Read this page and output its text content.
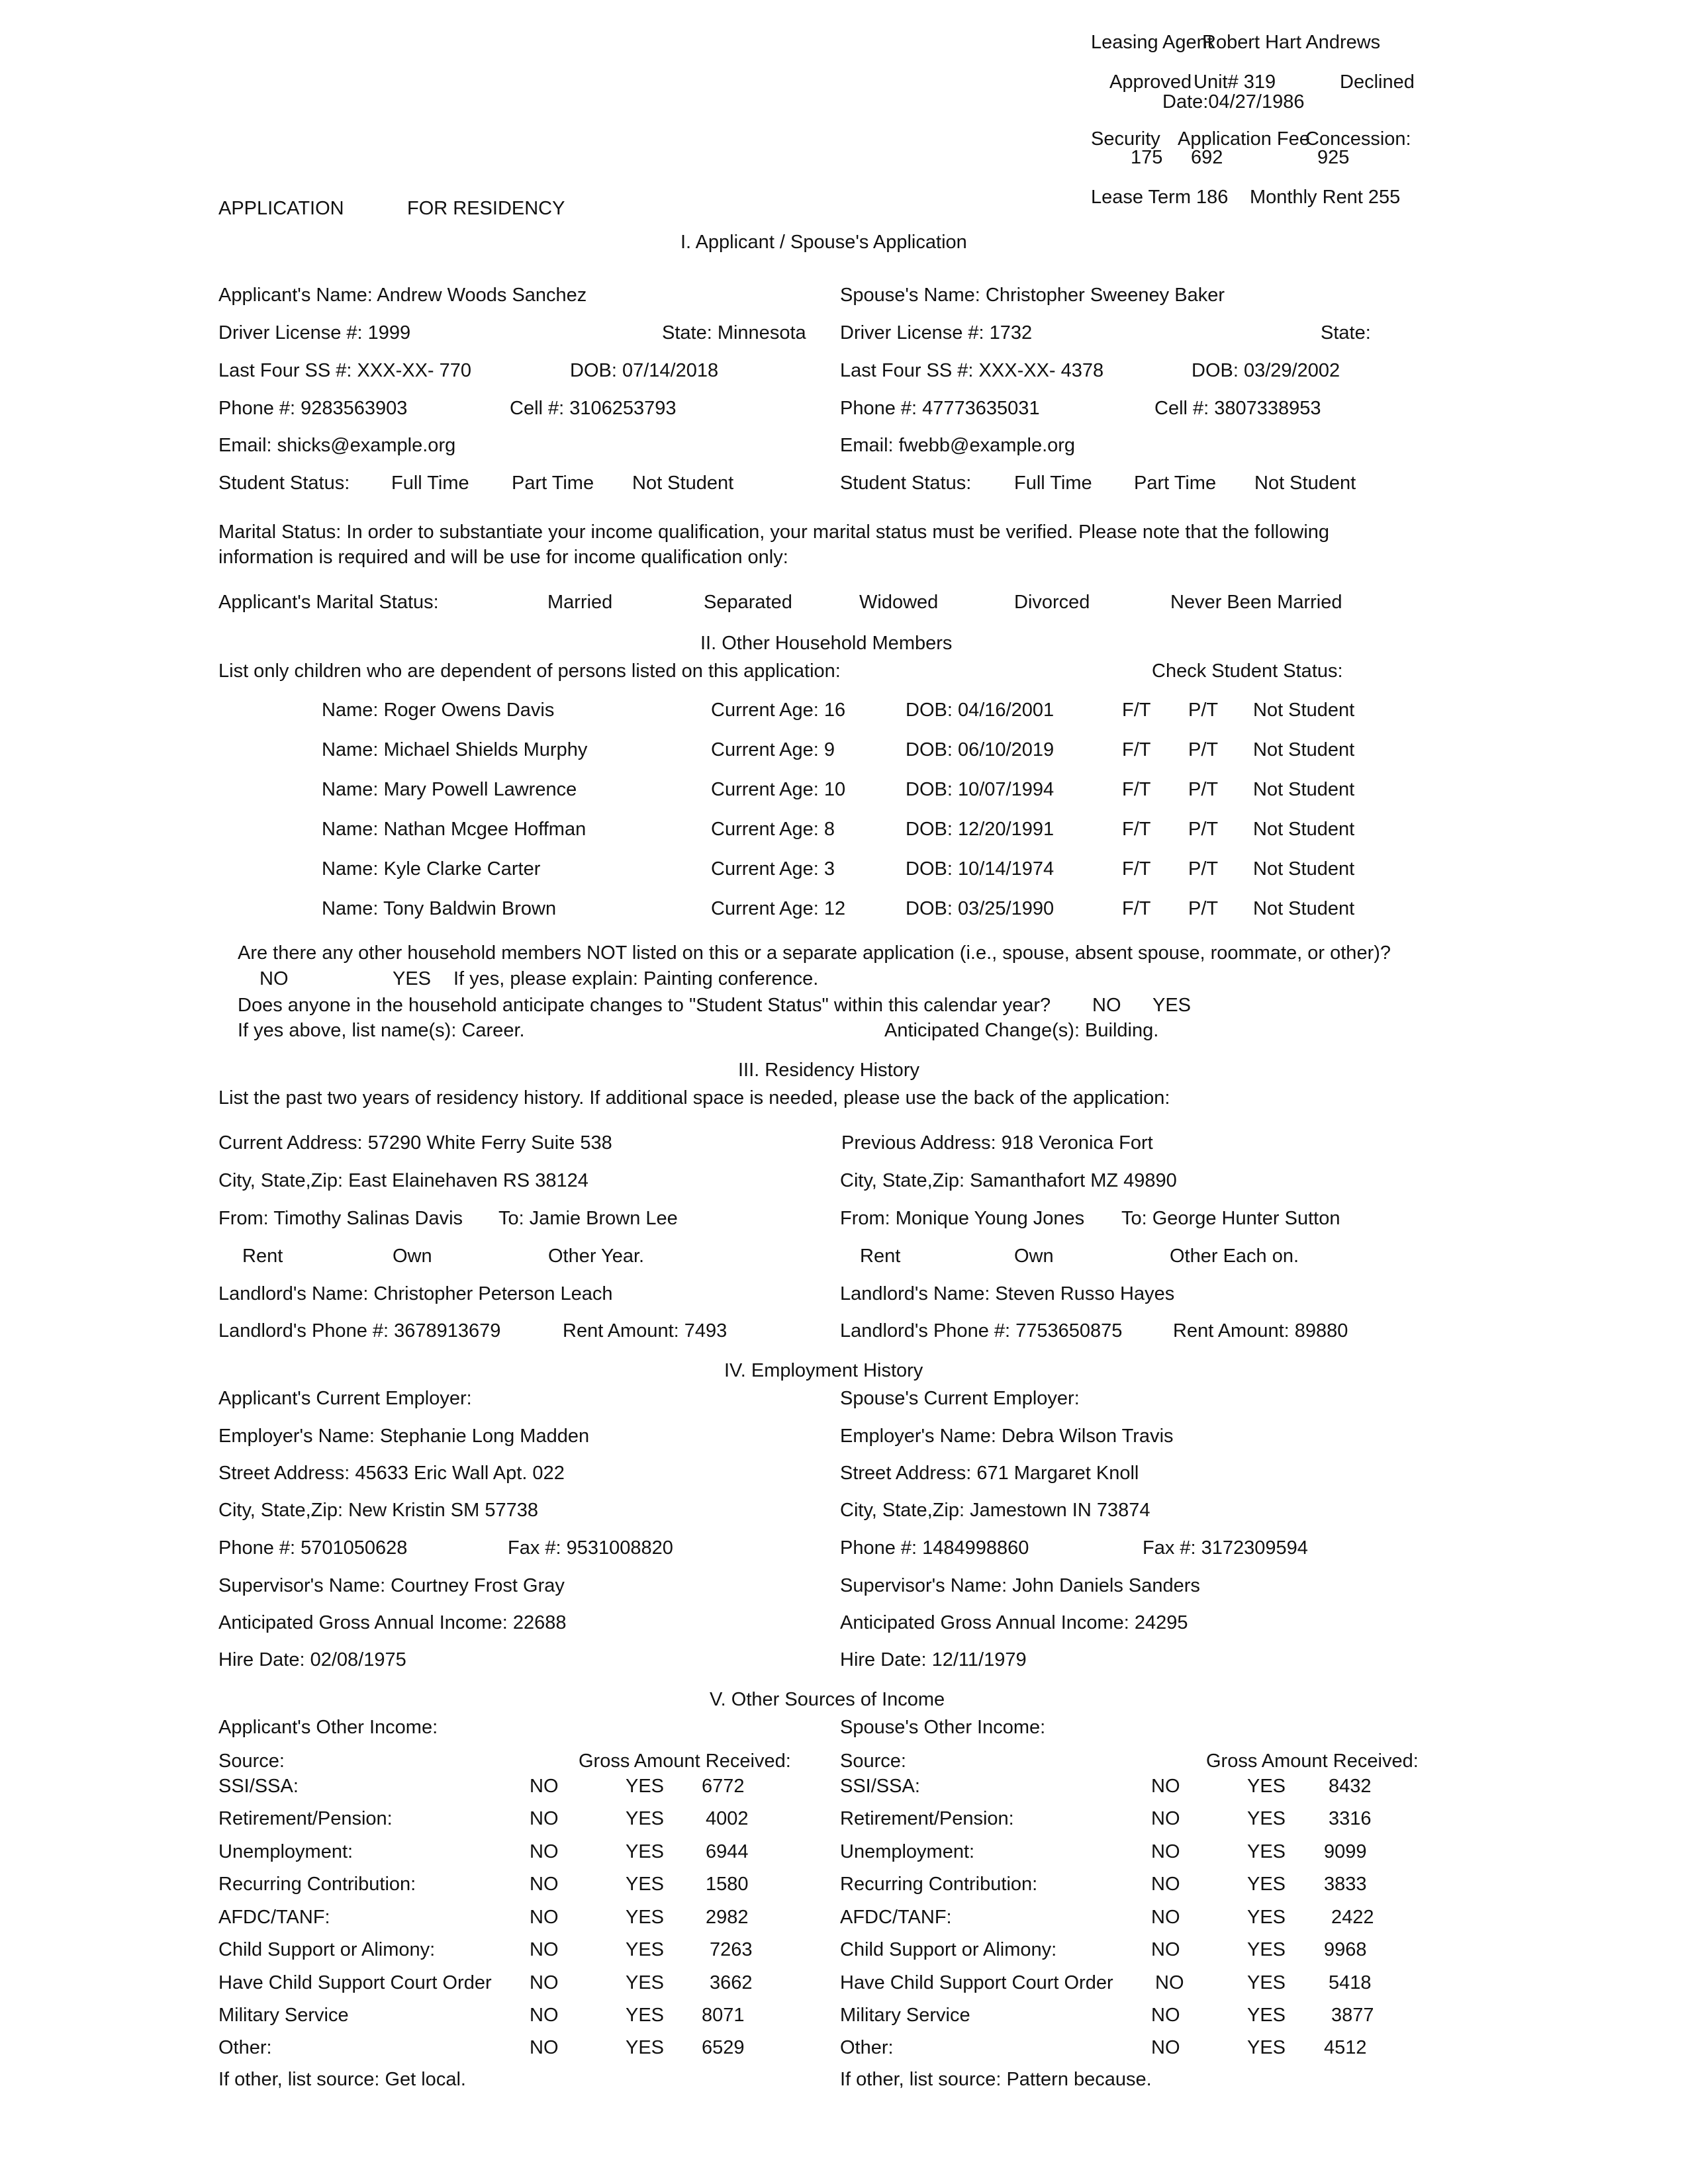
Leasing Agent
Robert Hart Andrews
Approved Unit# 319
Date:04/27/1986
Declined
Security
175
Application Fee
692
Concession:
925
Lease Term 186 Monthly Rent 255
APPLICATION	FOR RESIDENCY
I. Applicant / Spouse's Application
Applicant's Name: Andrew Woods Sanchez
Driver License #: 1999	State: Minnesota
Last Four SS #: XXX-XX- 770	DOB: 07/14/2018
Phone #: 9283563903	Cell #: 3106253793
Email: shicks@example.org
Student Status: Full Time Part Time Not Student
Spouse's Name: Christopher Sweeney Baker
Driver License #: 1732	State:
Last Four SS #: XXX-XX- 4378	DOB: 03/29/2002
Phone #: 47773635031	Cell #: 3807338953
Email: fwebb@example.org
Student Status: Full Time Part Time Not Student
Marital Status: In order to substantiate your income qualification, your marital status must be verified. Please note that the following
information is required and will be use for income qualification only:
Applicant's Marital Status:	Married	Separated	Widowed	Divorced	Never Been Married
II. Other Household Members
List only children who are dependent of persons listed on this application:	Check Student Status:
Name: Roger Owens Davis	Current Age: 16	DOB: 04/16/2001	F/T P/T Not Student
Name: Michael Shields Murphy	Current Age: 9	DOB: 06/10/2019	F/T P/T Not Student
Name: Mary Powell Lawrence	Current Age: 10	DOB: 10/07/1994	F/T P/T Not Student
Name: Nathan Mcgee Hoffman	Current Age: 8	DOB: 12/20/1991	F/T P/T Not Student
Name: Kyle Clarke Carter	Current Age: 3	DOB: 10/14/1974	F/T P/T Not Student
Name: Tony Baldwin Brown	Current Age: 12	DOB: 03/25/1990	F/T P/T Not Student
Are there any other household members NOT listed on this or a separate application (i.e., spouse, absent spouse, roommate, or other)?
NO	YES If yes, please explain: Painting conference.
Does anyone in the household anticipate changes to "Student Status" within this calendar year? NO YES
If yes above, list name(s): Career.	Anticipated Change(s): Building.
III. Residency History
List the past two years of residency history. If additional space is needed, please use the back of the application:
Current Address: 57290 White Ferry Suite 538
City, State,Zip: East Elainehaven RS 38124
From: Timothy Salinas Davis To: Jamie Brown Lee
Rent	Own	Other Year.
Landlord's Name: Christopher Peterson Leach
Landlord's Phone #: 3678913679	Rent Amount: 7493
Previous Address: 918 Veronica Fort
City, State,Zip: Samanthafort MZ 49890
From: Monique Young Jones To: George Hunter Sutton
Rent	Own	Other Each on.
Landlord's Name: Steven Russo Hayes
Landlord's Phone #: 7753650875	Rent Amount: 89880
IV. Employment History
Applicant's Current Employer:
Employer's Name: Stephanie Long Madden
Street Address: 45633 Eric Wall Apt. 022
City, State,Zip: New Kristin SM 57738
Phone #: 5701050628	Fax #: 9531008820
Supervisor's Name: Courtney Frost Gray
Anticipated Gross Annual Income: 22688
Hire Date: 02/08/1975
Spouse's Current Employer:
Employer's Name: Debra Wilson Travis
Street Address: 671 Margaret Knoll
City, State,Zip: Jamestown IN 73874
Phone #: 1484998860	Fax #: 3172309594
Supervisor's Name: John Daniels Sanders
Anticipated Gross Annual Income: 24295
Hire Date: 12/11/1979
V. Other Sources of Income
Applicant's Other Income:	Spouse's Other Income:
Source:	Gross Amount Received:	Source:	Gross Amount Received:
SSI/SSA:	NO	YES 6772	SSI/SSA:	NO	YES 8432
Retirement/Pension:	NO	YES 4002	Retirement/Pension:	NO	YES 3316
Unemployment:	NO	YES 6944	Unemployment:	NO	YES 9099
Recurring Contribution:	NO	YES 1580	Recurring Contribution:	NO	YES 3833
AFDC/TANF:	NO	YES 2982	AFDC/TANF:	NO	YES 2422
Child Support or Alimony:	NO	YES 7263	Child Support or Alimony:	NO	YES 9968
Have Child Support Court Order NO	YES 3662	Have Child Support Court Order NO	YES 5418
Military Service	NO	YES 8071	Military Service	NO	YES 3877
Other:	NO	YES 6529	Other:	NO	YES 4512
If other, list source: Get local.	If other, list source: Pattern because.
